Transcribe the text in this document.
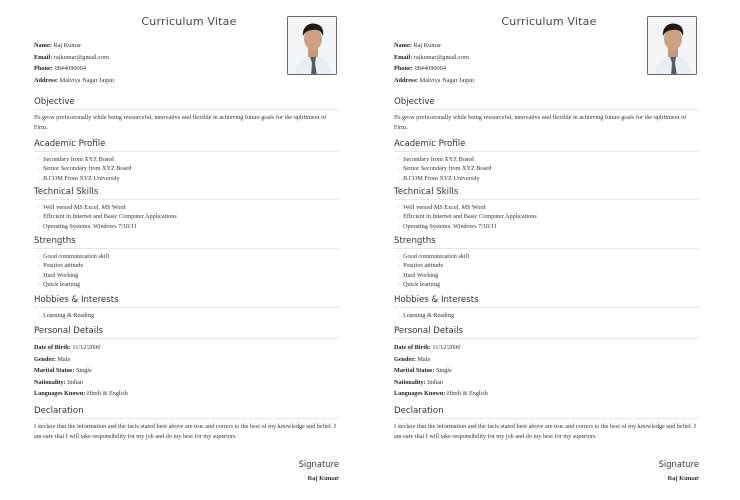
Curriculum Vitae
Name: Raj Kumar
Email: rajkumar@gmail.com
Phone: 0844090004
Address: Malviya Nagar Jaipur
Objective
To grow professionally while being resourceful, innovative and flexible in achieving future goals for the upliftment of Firm.
Academic Profile
· Secondary from XYZ Board
· Senior Secondary from XYZ Board
· B.COM From XYZ University
Technical Skills
· Well versed MS Excel, MS Word
· Efficient in Internet and Basic Computer Applications
· Operating Systems: Windows 7/10/11
Strengths
· Good communication skill
· Positive attitude
· Hard Working
· Quick learning
Hobbies & Interests
· Learning & Reading
Personal Details
Date of Birth: 11/12/2000
Gender: Male
Marital Status: Single
Nationality: Indian
Languages Known: Hindi & English
Declaration
I declare that the information and the facts stated here above are true and correct to the best of my knowledge and belief. I am sure that I will take responsibility for my job and do my best for my superiors.
Signature
Raj Kumar
Curriculum Vitae
Name: Raj Kumar
Email: rajkumar@gmail.com
Phone: 0844090004
Address: Malviya Nagar Jaipur
Objective
To grow professionally while being resourceful, innovative and flexible in achieving future goals for the upliftment of Firm.
Academic Profile
· Secondary from XYZ Board
· Senior Secondary from XYZ Board
· B.COM From XYZ University
Technical Skills
· Well versed MS Excel, MS Word
· Efficient in Internet and Basic Computer Applications
· Operating Systems: Windows 7/10/11
Strengths
· Good communication skill
· Positive attitude
· Hard Working
· Quick learning
Hobbies & Interests
· Learning & Reading
Personal Details
Date of Birth: 11/12/2000
Gender: Male
Marital Status: Single
Nationality: Indian
Languages Known: Hindi & English
Declaration
I declare that the information and the facts stated here above are true and correct to the best of my knowledge and belief. I am sure that I will take responsibility for my job and do my best for my superiors.
Signature
Raj Kumar
